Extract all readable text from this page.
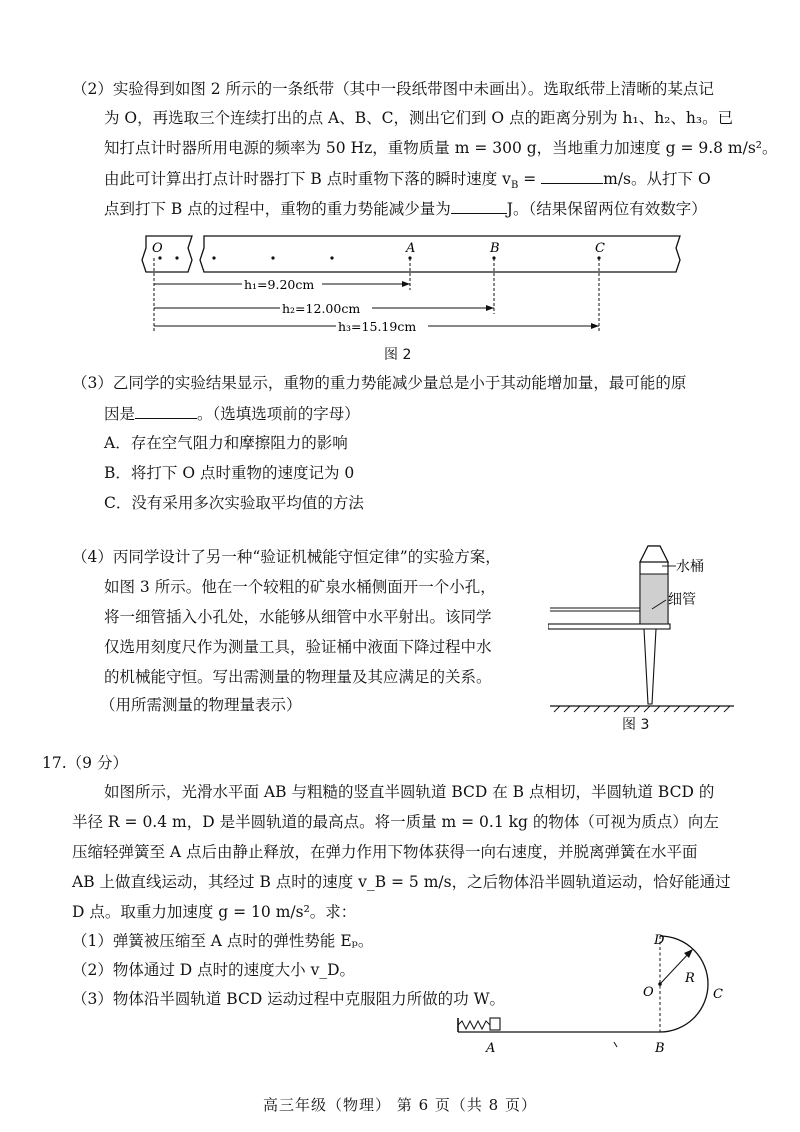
（2）实验得到如图 2 所示的一条纸带（其中一段纸带图中未画出）。选取纸带上清晰的某点记
为 O，再选取三个连续打出的点 A、B、C，测出它们到 O 点的距离分别为 h₁、h₂、h₃。已
知打点计时器所用电源的频率为 50 Hz，重物质量 m = 300 g，当地重力加速度 g = 9.8 m/s²。
由此可计算出打点计时器打下 B 点时重物下落的瞬时速度 $v_B$ =	m/s。从打下 O
点到打下 B 点的过程中，重物的重力势能减少量为	J。（结果保留两位有效数字）
O	A	B	C
h₁=9.20cm
h₂=12.00cm
h₃=15.19cm
图 2
（3）乙同学的实验结果显示，重物的重力势能减少量总是小于其动能增加量，最可能的原
因是	。（选填选项前的字母）
A．存在空气阻力和摩擦阻力的影响
B．将打下 O 点时重物的速度记为 0
C．没有采用多次实验取平均值的方法
（4）丙同学设计了另一种“验证机械能守恒定律”的实验方案，
如图 3 所示。他在一个较粗的矿泉水桶侧面开一个小孔，
将一细管插入小孔处，水能够从细管中水平射出。该同学
仅选用刻度尺作为测量工具，验证桶中液面下降过程中水
的机械能守恒。写出需测量的物理量及其应满足的关系。
（用所需测量的物理量表示）
水桶
细管
图 3
17.（9 分）
如图所示，光滑水平面 AB 与粗糙的竖直半圆轨道 BCD 在 B 点相切，半圆轨道 BCD 的
半径 R = 0.4 m，D 是半圆轨道的最高点。将一质量 m = 0.1 kg 的物体（可视为质点）向左
压缩轻弹簧至 A 点后由静止释放，在弹力作用下物体获得一向右速度，并脱离弹簧在水平面
AB 上做直线运动，其经过 B 点时的速度 v_B = 5 m/s，之后物体沿半圆轨道运动，恰好能通过
D 点。取重力加速度 g = 10 m/s²。求：
（1）弹簧被压缩至 A 点时的弹性势能 Eₚ。
（2）物体通过 D 点时的速度大小 v_D。
（3）物体沿半圆轨道 BCD 运动过程中克服阻力所做的功 W。
A	B
C
D
O
R
高三年级（物理） 第 6 页（共 8 页）
